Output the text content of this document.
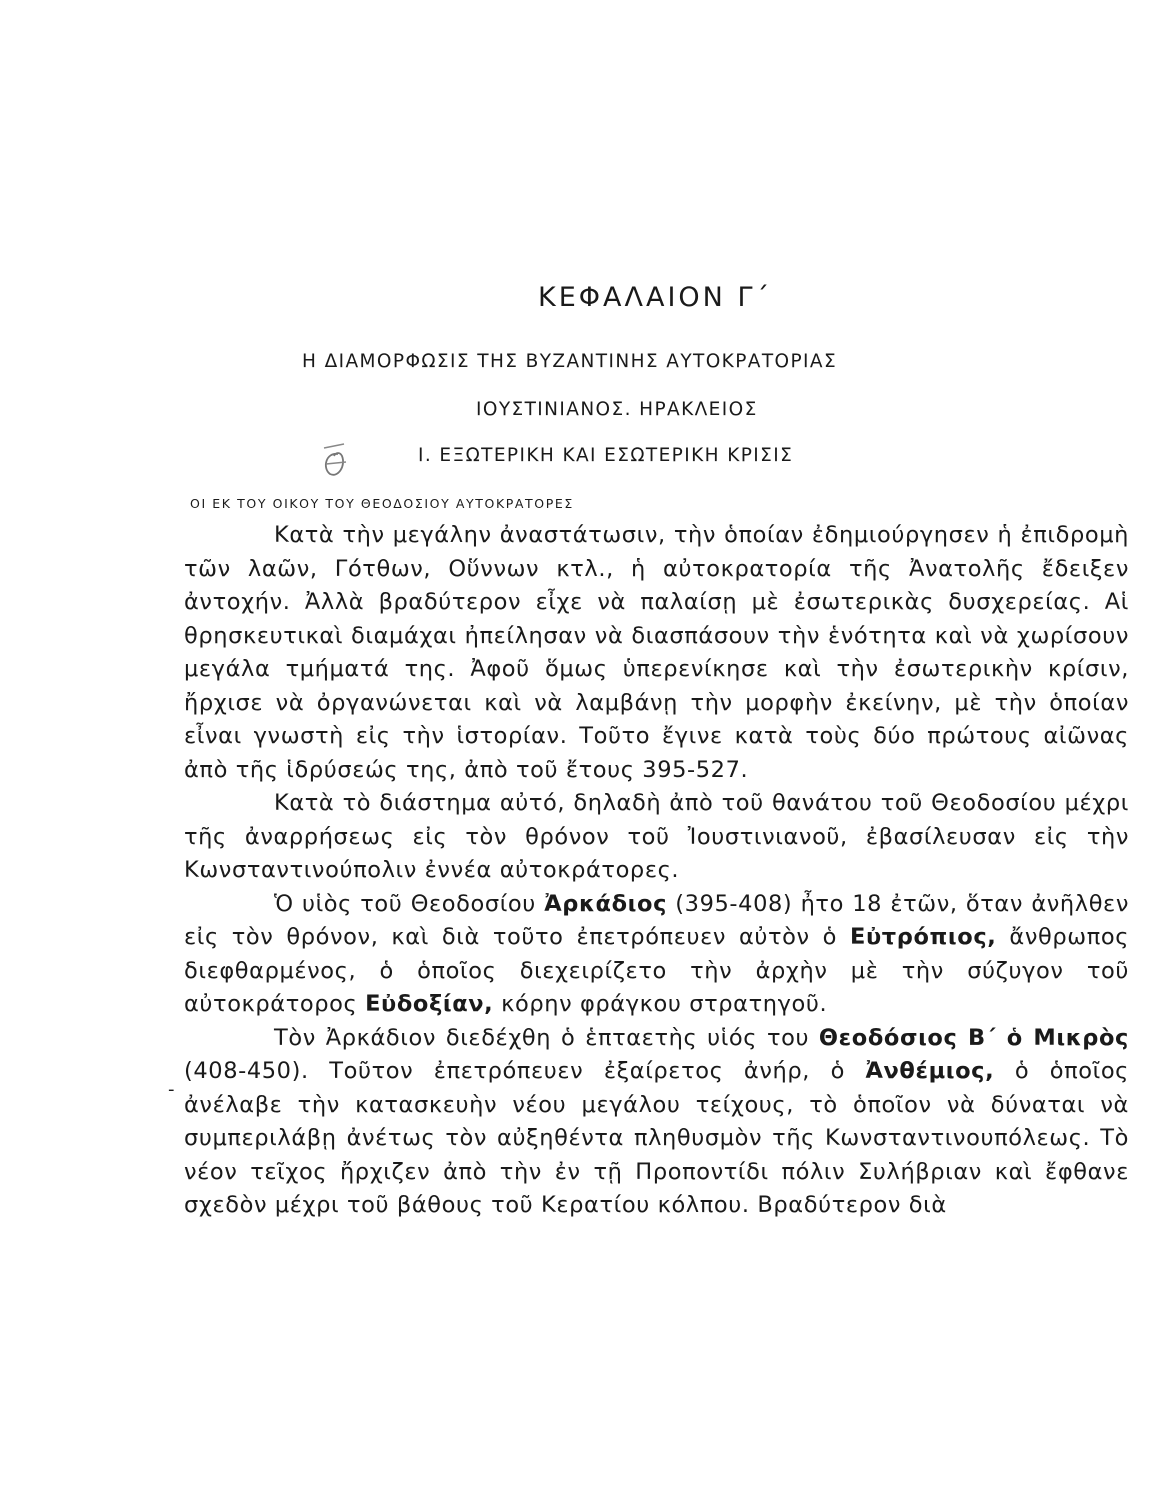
ΚΕΦΑΛΑΙΟΝ Γ΄
Η ΔΙΑΜΟΡΦΩΣΙΣ ΤΗΣ ΒΥΖΑΝΤΙΝΗΣ ΑΥΤΟΚΡΑΤΟΡΙΑΣ
ΙΟΥΣΤΙΝΙΑΝΟΣ. ΗΡΑΚΛΕΙΟΣ
Ι. ΕΞΩΤΕΡΙΚΗ ΚΑΙ ΕΣΩΤΕΡΙΚΗ ΚΡΙΣΙΣ
ΟΙ ΕΚ ΤΟΥ ΟΙΚΟΥ ΤΟΥ ΘΕΟΔΟΣΙΟΥ ΑΥΤΟΚΡΑΤΟΡΕΣ
-

Κατὰ τὴν μεγάλην ἀναστάτωσιν, τὴν ὁποίαν ἐδημιούργησεν ἡ ἐπιδρομὴ τῶν λαῶν, Γότθων, Οὕννων κτλ., ἡ αὐτοκρατορία τῆς Ἀνατολῆς ἔδειξεν ἀντοχήν. Ἀλλὰ βραδύτερον εἶχε νὰ παλαίσῃ μὲ ἐσωτερικὰς δυσχερείας. Αἱ θρησκευτικαὶ διαμάχαι ἠπείλησαν νὰ διασπάσουν τὴν ἑνότητα καὶ νὰ χωρίσουν μεγάλα τμήματά της. Ἀφοῦ ὅμως ὑπερενίκησε καὶ τὴν ἐσωτερικὴν κρίσιν, ἤρχισε νὰ ὀργανώνεται καὶ νὰ λαμβάνῃ τὴν μορφὴν ἐκείνην, μὲ τὴν ὁποίαν εἶναι γνωστὴ εἰς τὴν ἱστορίαν. Τοῦτο ἔγινε κατὰ τοὺς δύο πρώτους αἰῶνας ἀπὸ τῆς ἱδρύσεώς της, ἀπὸ τοῦ ἔτους 395-527.

Κατὰ τὸ διάστημα αὐτό, δηλαδὴ ἀπὸ τοῦ θανάτου τοῦ Θεοδοσίου μέχρι τῆς ἀναρρήσεως εἰς τὸν θρόνον τοῦ Ἰουστινιανοῦ, ἐβασίλευσαν εἰς τὴν Κωνσταντινούπολιν ἐννέα αὐτοκράτορες.

Ὁ υἱὸς τοῦ Θεοδοσίου Ἀρκάδιος (395-408) ἦτο 18 ἐτῶν, ὅταν ἀνῆλθεν εἰς τὸν θρόνον, καὶ διὰ τοῦτο ἐπετρόπευεν αὐτὸν ὁ Εὐτρόπιος, ἄνθρωπος διεφθαρμένος, ὁ ὁποῖος διεχειρίζετο τὴν ἀρχὴν μὲ τὴν σύζυγον τοῦ αὐτοκράτορος Εὐδοξίαν, κόρην φράγκου στρατηγοῦ.

Τὸν Ἀρκάδιον διεδέχθη ὁ ἑπταετὴς υἱός του Θεοδόσιος Β΄ ὁ Μικρὸς (408-450). Τοῦτον ἐπετρόπευεν ἐξαίρετος ἀνήρ, ὁ Ἀνθέμιος, ὁ ὁποῖος ἀνέλαβε τὴν κατασκευὴν νέου μεγάλου τείχους, τὸ ὁποῖον νὰ δύναται νὰ συμπεριλάβῃ ἀνέτως τὸν αὐξηθέντα πληθυσμὸν τῆς Κωνσταντινουπόλεως. Τὸ νέον τεῖχος ἤρχιζεν ἀπὸ τὴν ἐν τῇ Προποντίδι πόλιν Συλήβριαν καὶ ἔφθανε σχεδὸν μέχρι τοῦ βάθους τοῦ Κερατίου κόλπου. Βραδύτερον διὰ
